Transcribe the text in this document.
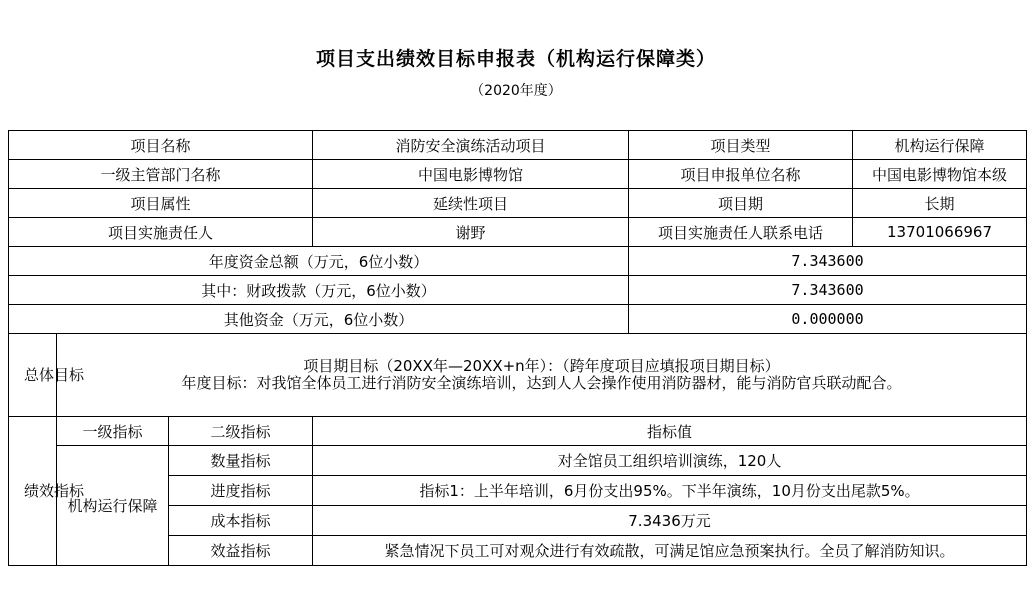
项目支出绩效目标申报表（机构运行保障类）
（2020年度）
项目名称			消防安全演练活动项目	项目类型	机构运行保障
一级主管部门名称			中国电影博物馆	项目申报单位名称	中国电影博物馆本级
项目属性			延续性项目	项目期	长期
项目实施责任人			谢野	项目实施责任人联系电话	13701066967
年度资金总额（万元，6位小数）				7.343600	
其中：财政拨款（万元，6位小数）				7.343600	
其他资金（万元，6位小数）				0.000000	
总体目标	项目期目标（20XX年—20XX+n年）：（跨年度项目应填报项目期目标）
年度目标：对我馆全体员工进行消防安全演练培训，达到人人会操作使用消防器材，能与消防官兵联动配合。				

绩效指标	一级指标	二级指标	指标值		
	机构运行保障	数量指标	对全馆员工组织培训演练，120人		
		进度指标	指标1：上半年培训，6月份支出95%。下半年演练，10月份支出尾款5%。		
		成本指标	7.3436万元		
		效益指标	紧急情况下员工可对观众进行有效疏散，可满足馆应急预案执行。全员了解消防知识。		
